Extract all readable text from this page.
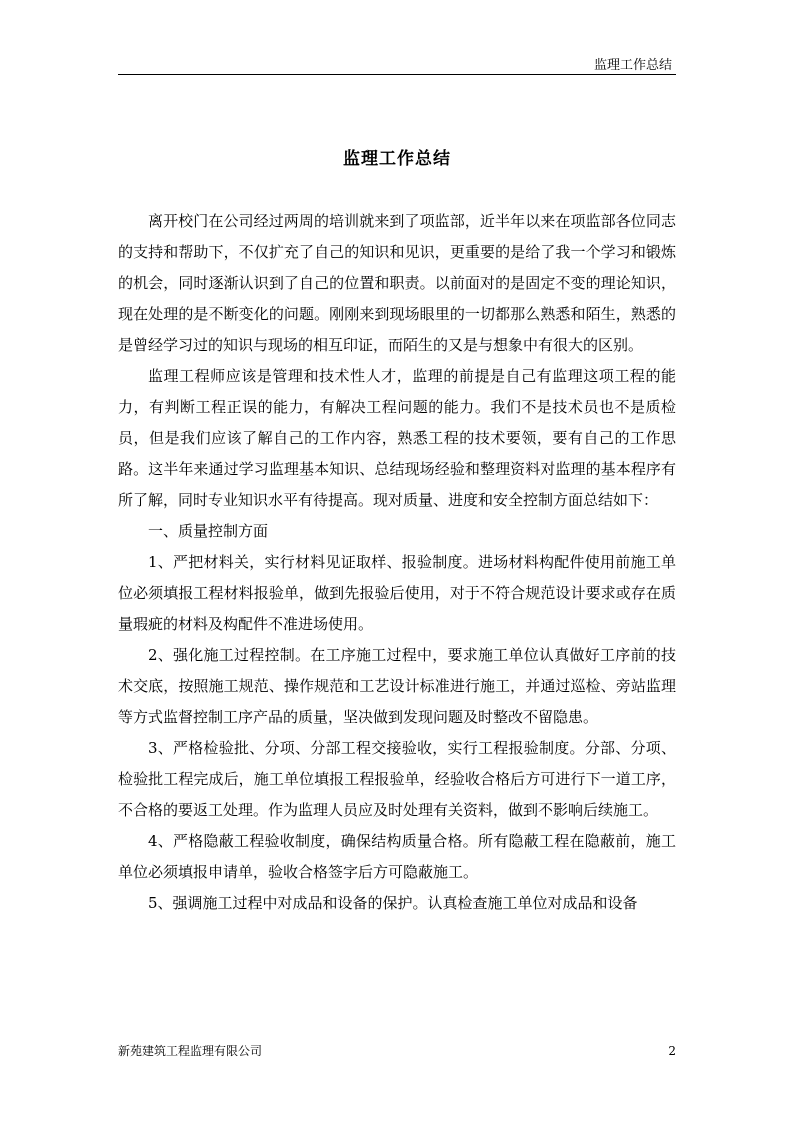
监理工作总结
监理工作总结

离开校门在公司经过两周的培训就来到了项监部，近半年以来在项监部各位同志的支持和帮助下，不仅扩充了自己的知识和见识，更重要的是给了我一个学习和锻炼的机会，同时逐渐认识到了自己的位置和职责。以前面对的是固定不变的理论知识，现在处理的是不断变化的问题。刚刚来到现场眼里的一切都那么熟悉和陌生，熟悉的是曾经学习过的知识与现场的相互印证，而陌生的又是与想象中有很大的区别。

监理工程师应该是管理和技术性人才，监理的前提是自己有监理这项工程的能力，有判断工程正误的能力，有解决工程问题的能力。我们不是技术员也不是质检员，但是我们应该了解自己的工作内容，熟悉工程的技术要领，要有自己的工作思路。这半年来通过学习监理基本知识、总结现场经验和整理资料对监理的基本程序有所了解，同时专业知识水平有待提高。现对质量、进度和安全控制方面总结如下：

一、质量控制方面

1、严把材料关，实行材料见证取样、报验制度。进场材料构配件使用前施工单位必须填报工程材料报验单，做到先报验后使用，对于不符合规范设计要求或存在质量瑕疵的材料及构配件不准进场使用。

2、强化施工过程控制。在工序施工过程中，要求施工单位认真做好工序前的技术交底，按照施工规范、操作规范和工艺设计标准进行施工，并通过巡检、旁站监理等方式监督控制工序产品的质量，坚决做到发现问题及时整改不留隐患。

3、严格检验批、分项、分部工程交接验收，实行工程报验制度。分部、分项、检验批工程完成后，施工单位填报工程报验单，经验收合格后方可进行下一道工序，不合格的要返工处理。作为监理人员应及时处理有关资料，做到不影响后续施工。

4、严格隐蔽工程验收制度，确保结构质量合格。所有隐蔽工程在隐蔽前，施工单位必须填报申请单，验收合格签字后方可隐蔽施工。

5、强调施工过程中对成品和设备的保护。认真检查施工单位对成品和设备

新苑建筑工程监理有限公司	2
